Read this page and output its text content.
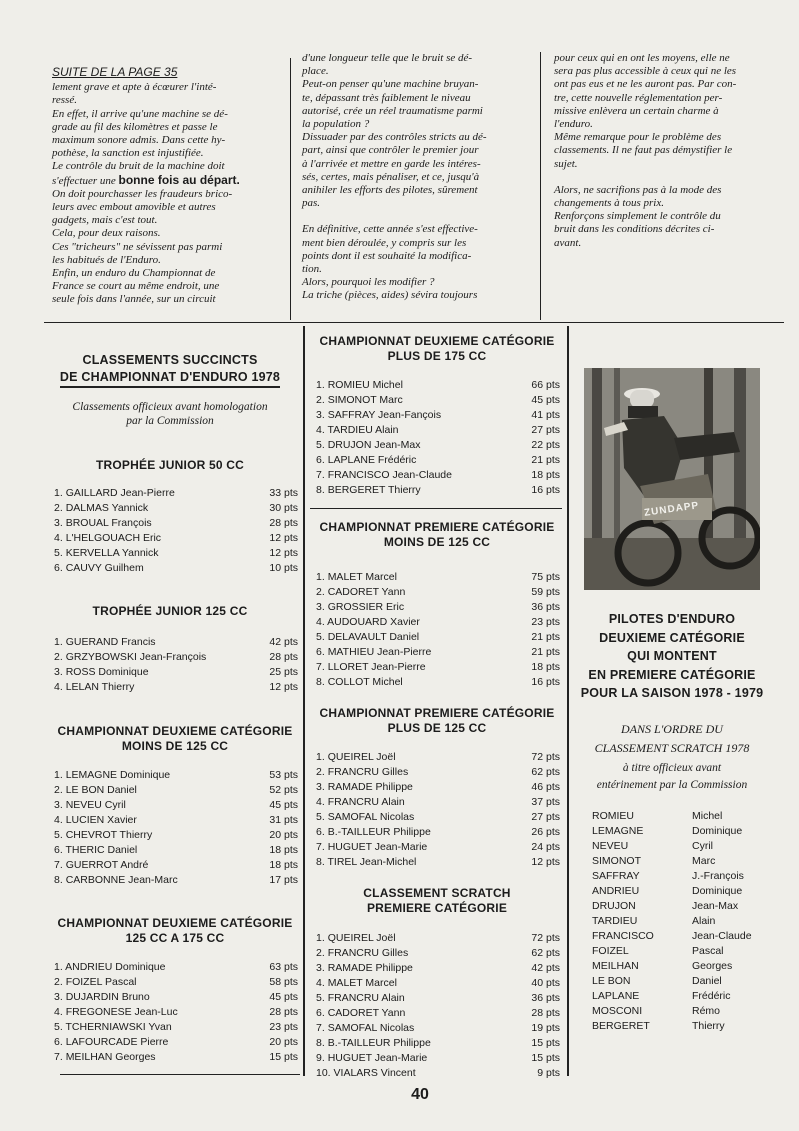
SUITE DE LA PAGE 35

lement grave et apte à écœurer l'inté-

ressé.

En effet, il arrive qu'une machine se dé-

grade au fil des kilomètres et passe le

maximum sonore admis. Dans cette hy-

pothèse, la sanction est injustifiée.

Le contrôle du bruit de la machine doit

s'effectuer une bonne fois au départ.

On doit pourchasser les fraudeurs brico-

leurs avec embout amovible et autres

gadgets, mais c'est tout.

Cela, pour deux raisons.

Ces "tricheurs" ne sévissent pas parmi

les habitués de l'Enduro.

Enfin, un enduro du Championnat de

France se court au même endroit, une

seule fois dans l'année, sur un circuit

d'une longueur telle que le bruit se dé-

place.

Peut-on penser qu'une machine bruyan-

te, dépassant très faiblement le niveau

autorisé, crée un réel traumatisme parmi

la population ?

Dissuader par des contrôles stricts au dé-

part, ainsi que contrôler le premier jour

à l'arrivée et mettre en garde les intéres-

sés, certes, mais pénaliser, et ce, jusqu'à

anihiler les efforts des pilotes, sûrement

pas.

En définitive, cette année s'est effective-

ment bien déroulée, y compris sur les

points dont il est souhaité la modifica-

tion.

Alors, pourquoi les modifier ?

La triche (pièces, aides) sévira toujours

pour ceux qui en ont les moyens, elle ne

sera pas plus accessible à ceux qui ne les

ont pas eus et ne les auront pas. Par con-

tre, cette nouvelle réglementation per-

missive enlèvera un certain charme à

l'enduro.

Même remarque pour le problème des

classements. Il ne faut pas démystifier le

sujet.

Alors, ne sacrifions pas à la mode des

changements à tous prix.

Renforçons simplement le contrôle du

bruit dans les conditions décrites ci-

avant.

CLASSEMENTS SUCCINCTS
DE CHAMPIONNAT D'ENDURO 1978
Classements officieux avant homologation
par la Commission
TROPHÉE JUNIOR 50 CC
1. GAILLARD Jean-Pierre	33 pts
2. DALMAS Yannick	30 pts
3. BROUAL François	28 pts
4. L'HELGOUACH Eric	12 pts
5. KERVELLA Yannick	12 pts
6. CAUVY Guilhem	10 pts
TROPHÉE JUNIOR 125 CC
1. GUERAND Francis	42 pts
2. GRZYBOWSKI Jean-François	28 pts
3. ROSS Dominique	25 pts
4. LELAN Thierry	12 pts
CHAMPIONNAT DEUXIEME CATÉGORIE
MOINS DE 125 CC
1. LEMAGNE Dominique	53 pts
2. LE BON Daniel	52 pts
3. NEVEU Cyril	45 pts
4. LUCIEN Xavier	31 pts
5. CHEVROT Thierry	20 pts
6. THERIC Daniel	18 pts
7. GUERROT André	18 pts
8. CARBONNE Jean-Marc	17 pts
CHAMPIONNAT DEUXIEME CATÉGORIE
125 CC A 175 CC
1. ANDRIEU Dominique	63 pts
2. FOIZEL Pascal	58 pts
3. DUJARDIN Bruno	45 pts
4. FREGONESE Jean-Luc	28 pts
5. TCHERNIAWSKI Yvan	23 pts
6. LAFOURCADE Pierre	20 pts
7. MEILHAN Georges	15 pts
CHAMPIONNAT DEUXIEME CATÉGORIE
PLUS DE 175 CC
1. ROMIEU Michel	66 pts
2. SIMONOT Marc	45 pts
3. SAFFRAY Jean-Fançois	41 pts
4. TARDIEU Alain	27 pts
5. DRUJON Jean-Max	22 pts
6. LAPLANE Frédéric	21 pts
7. FRANCISCO Jean-Claude	18 pts
8. BERGERET Thierry	16 pts
CHAMPIONNAT PREMIERE CATÉGORIE
MOINS DE 125 CC
1. MALET Marcel	75 pts
2. CADORET Yann	59 pts
3. GROSSIER Eric	36 pts
4. AUDOUARD Xavier	23 pts
5. DELAVAULT Daniel	21 pts
6. MATHIEU Jean-Pierre	21 pts
7. LLORET Jean-Pierre	18 pts
8. COLLOT Michel	16 pts
CHAMPIONNAT PREMIERE CATÉGORIE
PLUS DE 125 CC
1. QUEIREL Joël	72 pts
2. FRANCRU Gilles	62 pts
3. RAMADE Philippe	46 pts
4. FRANCRU Alain	37 pts
5. SAMOFAL Nicolas	27 pts
6. B.-TAILLEUR Philippe	26 pts
7. HUGUET Jean-Marie	24 pts
8. TIREL Jean-Michel	12 pts
CLASSEMENT SCRATCH
PREMIERE CATÉGORIE
1. QUEIREL Joël	72 pts
2. FRANCRU Gilles	62 pts
3. RAMADE Philippe	42 pts
4. MALET Marcel	40 pts
5. FRANCRU Alain	36 pts
6. CADORET Yann	28 pts
7. SAMOFAL Nicolas	19 pts
8. B.-TAILLEUR Philippe	15 pts
9. HUGUET Jean-Marie	15 pts
10. VIALARS Vincent	9 pts
ZUNDAPP
PILOTES D'ENDURO
DEUXIEME CATÉGORIE
QUI MONTENT
EN PREMIERE CATÉGORIE
POUR LA SAISON 1978 - 1979
DANS L'ORDRE DU
CLASSEMENT SCRATCH 1978
à titre officieux avant
entérinement par la Commission
ROMIEU	Michel
LEMAGNE	Dominique
NEVEU	Cyril
SIMONOT	Marc
SAFFRAY	J.-François
ANDRIEU	Dominique
DRUJON	Jean-Max
TARDIEU	Alain
FRANCISCO	Jean-Claude
FOIZEL	Pascal
MEILHAN	Georges
LE BON	Daniel
LAPLANE	Frédéric
MOSCONI	Rémo
BERGERET	Thierry
40
